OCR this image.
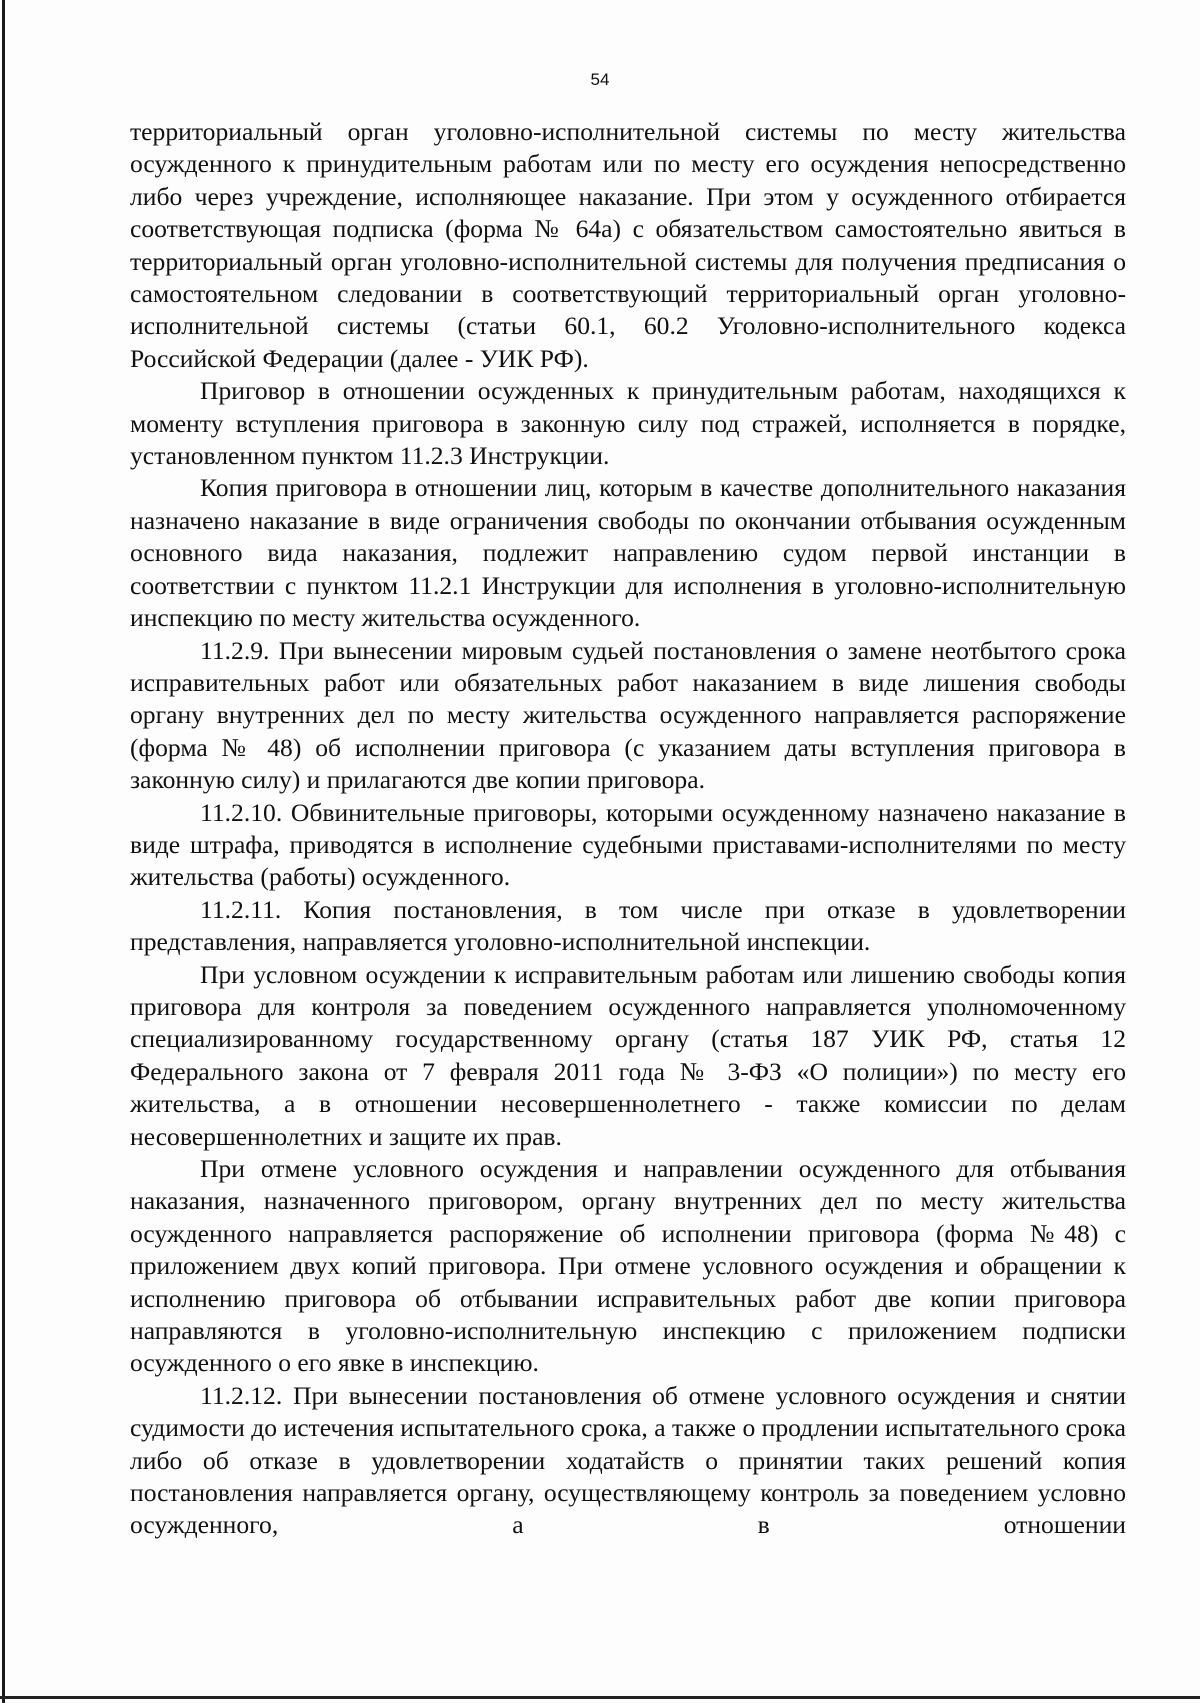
54

территориальный орган уголовно-исполнительной системы по месту жительства осужденного к принудительным работам или по месту его осуждения непосредственно либо через учреждение, исполняющее наказание. При этом у осужденного отбирается соответствующая подписка (форма № 64а) с обязательством самостоятельно явиться в территориальный орган уголовно-исполнительной системы для получения предписания о самостоятельном следовании в соответствующий территориальный орган уголовно-исполнительной системы (статьи 60.1, 60.2 Уголовно-исполнительного кодекса Российской Федерации (далее - УИК РФ).

Приговор в отношении осужденных к принудительным работам, находящихся к моменту вступления приговора в законную силу под стражей, исполняется в порядке, установленном пунктом 11.2.3 Инструкции.

Копия приговора в отношении лиц, которым в качестве дополнительного наказания назначено наказание в виде ограничения свободы по окончании отбывания осужденным основного вида наказания, подлежит направлению судом первой инстанции в соответствии с пунктом 11.2.1 Инструкции для исполнения в уголовно-исполнительную инспекцию по месту жительства осужденного.

11.2.9. При вынесении мировым судьей постановления о замене неотбытого срока исправительных работ или обязательных работ наказанием в виде лишения свободы органу внутренних дел по месту жительства осужденного направляется распоряжение (форма № 48) об исполнении приговора (с указанием даты вступления приговора в законную силу) и прилагаются две копии приговора.

11.2.10. Обвинительные приговоры, которыми осужденному назначено наказание в виде штрафа, приводятся в исполнение судебными приставами-исполнителями по месту жительства (работы) осужденного.

11.2.11. Копия постановления, в том числе при отказе в удовлетворении представления, направляется уголовно-исполнительной инспекции.

При условном осуждении к исправительным работам или лишению свободы копия приговора для контроля за поведением осужденного направляется уполномоченному специализированному государственному органу (статья 187 УИК РФ, статья 12 Федерального закона от 7 февраля 2011 года № 3-ФЗ «О полиции») по месту его жительства, а в отношении несовершеннолетнего - также комиссии по делам несовершеннолетних и защите их прав.

При отмене условного осуждения и направлении осужденного для отбывания наказания, назначенного приговором, органу внутренних дел по месту жительства осужденного направляется распоряжение об исполнении приговора (форма №48) с приложением двух копий приговора. При отмене условного осуждения и обращении к исполнению приговора об отбывании исправительных работ две копии приговора направляются в уголовно-исполнительную инспекцию с приложением подписки осужденного о его явке в инспекцию.

11.2.12. При вынесении постановления об отмене условного осуждения и снятии судимости до истечения испытательного срока, а также о продлении испытательного срока либо об отказе в удовлетворении ходатайств о принятии таких решений копия постановления направляется органу, осуществляющему контроль за поведением условно осужденного, а в отношении
